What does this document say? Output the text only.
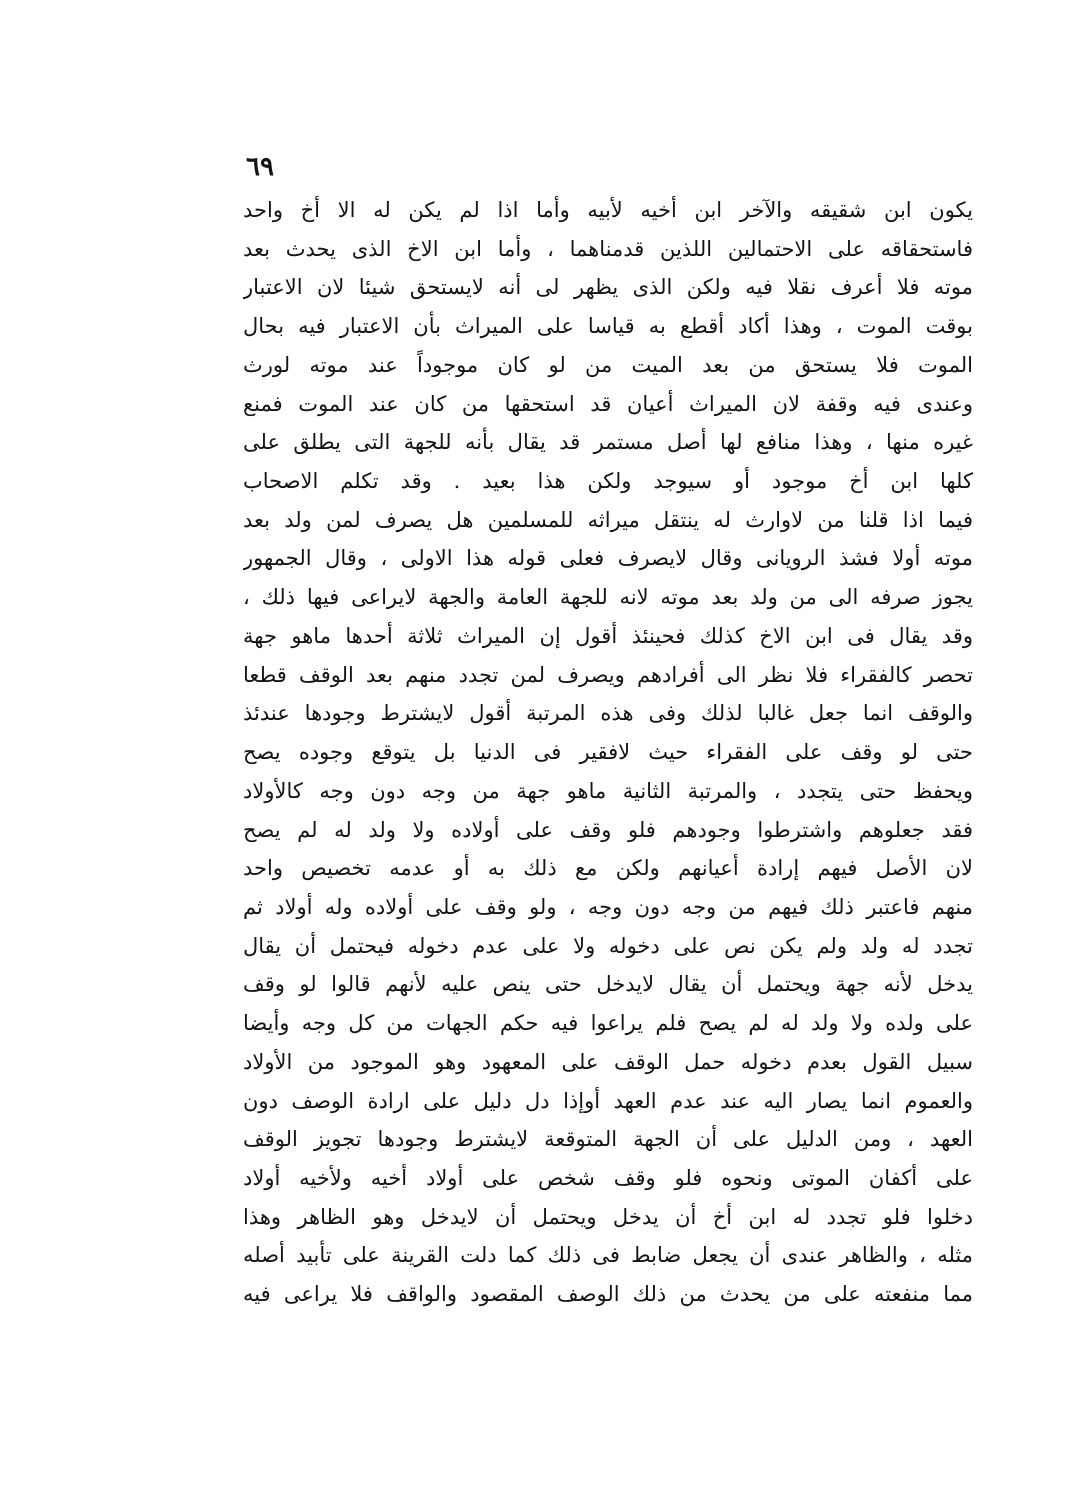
٦٩
يكون ابن شقيقه والآخر ابن أخيه لأبيه وأما اذا لم يكن له الا أخ واحد
فاستحقاقه على الاحتمالين اللذين قدمناهما ، وأما ابن الاخ الذى يحدث بعد
موته فلا أعرف نقلا فيه ولكن الذى يظهر لى أنه لايستحق شيئا لان الاعتبار
بوقت الموت ، وهذا أكاد أقطع به قياسا على الميراث بأن الاعتبار فيه بحال
الموت فلا يستحق من بعد الميت من لو كان موجوداً عند موته لورث
وعندى فيه وقفة لان الميراث أعيان قد استحقها من كان عند الموت فمنع
غيره منها ، وهذا منافع لها أصل مستمر قد يقال بأنه للجهة التى يطلق على
كلها ابن أخ موجود أو سيوجد ولكن هذا بعيد . وقد تكلم الاصحاب
فيما اذا قلنا من لاوارث له ينتقل ميراثه للمسلمين هل يصرف لمن ولد بعد
موته أولا فشذ الرويانى وقال لايصرف فعلى قوله هذا الاولى ، وقال الجمهور
يجوز صرفه الى من ولد بعد موته لانه للجهة العامة والجهة لايراعى فيها ذلك ،
وقد يقال فى ابن الاخ كذلك فحينئذ أقول إن الميراث ثلاثة أحدها ماهو جهة
تحصر كالفقراء فلا نظر الى أفرادهم ويصرف لمن تجدد منهم بعد الوقف قطعا
والوقف انما جعل غالبا لذلك وفى هذه المرتبة أقول لايشترط وجودها عندئذ
حتى لو وقف على الفقراء حيث لافقير فى الدنيا بل يتوقع وجوده يصح
ويحفظ حتى يتجدد ، والمرتبة الثانية ماهو جهة من وجه دون وجه كالأولاد
فقد جعلوهم واشترطوا وجودهم فلو وقف على أولاده ولا ولد له لم يصح
لان الأصل فيهم إرادة أعيانهم ولكن مع ذلك به أو عدمه تخصيص واحد
منهم فاعتبر ذلك فيهم من وجه دون وجه ، ولو وقف على أولاده وله أولاد ثم
تجدد له ولد ولم يكن نص على دخوله ولا على عدم دخوله فيحتمل أن يقال
يدخل لأنه جهة ويحتمل أن يقال لايدخل حتى ينص عليه لأنهم قالوا لو وقف
على ولده ولا ولد له لم يصح فلم يراعوا فيه حكم الجهات من كل وجه وأيضا
سبيل القول بعدم دخوله حمل الوقف على المعهود وهو الموجود من الأولاد
والعموم انما يصار اليه عند عدم العهد أوإذا دل دليل على ارادة الوصف دون
العهد ، ومن الدليل على أن الجهة المتوقعة لايشترط وجودها تجويز الوقف
على أكفان الموتى ونحوه فلو وقف شخص على أولاد أخيه ولأخيه أولاد
دخلوا فلو تجدد له ابن أخ أن يدخل ويحتمل أن لايدخل وهو الظاهر وهذا
مثله ، والظاهر عندى أن يجعل ضابط فى ذلك كما دلت القرينة على تأبيد أصله
مما منفعته على من يحدث من ذلك الوصف المقصود والواقف فلا يراعى فيه
